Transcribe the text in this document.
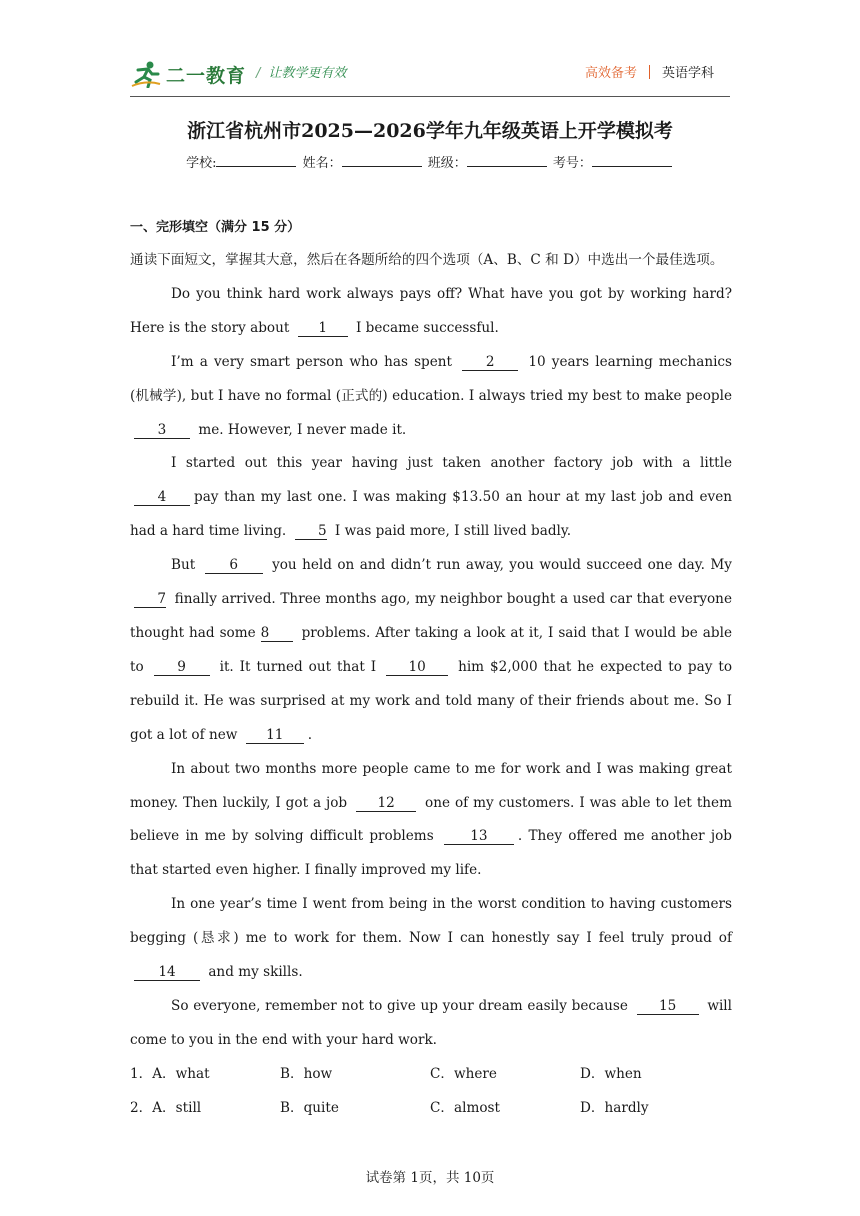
二一教育 / 让教学更有效	高效备考 英语学科
浙江省杭州市2025—2026学年九年级英语上开学模拟考
学校:	姓名：	班级：	考号：
一、完形填空（满分 15 分）

通读下面短文，掌握其大意，然后在各题所给的四个选项（A、B、C 和 D）中选出一个最佳选项。

Do you think hard work always pays off? What have you got by working hard? Here is the story about 1 I became successful.

I’m a very smart person who has spent 2 10 years learning mechanics (机械学), but I have no formal (正式的) education. I always tried my best to make people 3 me. However, I never made it.

I started out this year having just taken another factory job with a little 4 pay than my last one. I was making $13.50 an hour at my last job and even had a hard time living. 5 I was paid more, I still lived badly.

But	6	you held on and didn’t run away, you would succeed one day. My 7 finally arrived. Three months ago, my neighbor bought a used car that everyone thought had some 8 problems. After taking a look at it, I said that I would be able to 9 it. It turned out that I 10 him $2,000 that he expected to pay to rebuild it. He was surprised at my work and told many of their friends about me. So I got a lot of new 11 .

In about two months more people came to me for work and I was making great money. Then luckily, I got a job 12 one of my customers. I was able to let them believe in me by solving difficult problems	13 . They offered me another job that started even higher. I finally improved my life.

In one year’s time I went from being in the worst condition to having customers begging (恳求) me to work for them. Now I can honestly say I feel truly proud of 14 and my skills.

So everyone, remember not to give up your dream easily because 15 will come to you in the end with your hard work.

1．A．what	B．how	C．where	D．when
2．A．still	B．quite	C．almost	D．hardly
试卷第 1页，共 10页
